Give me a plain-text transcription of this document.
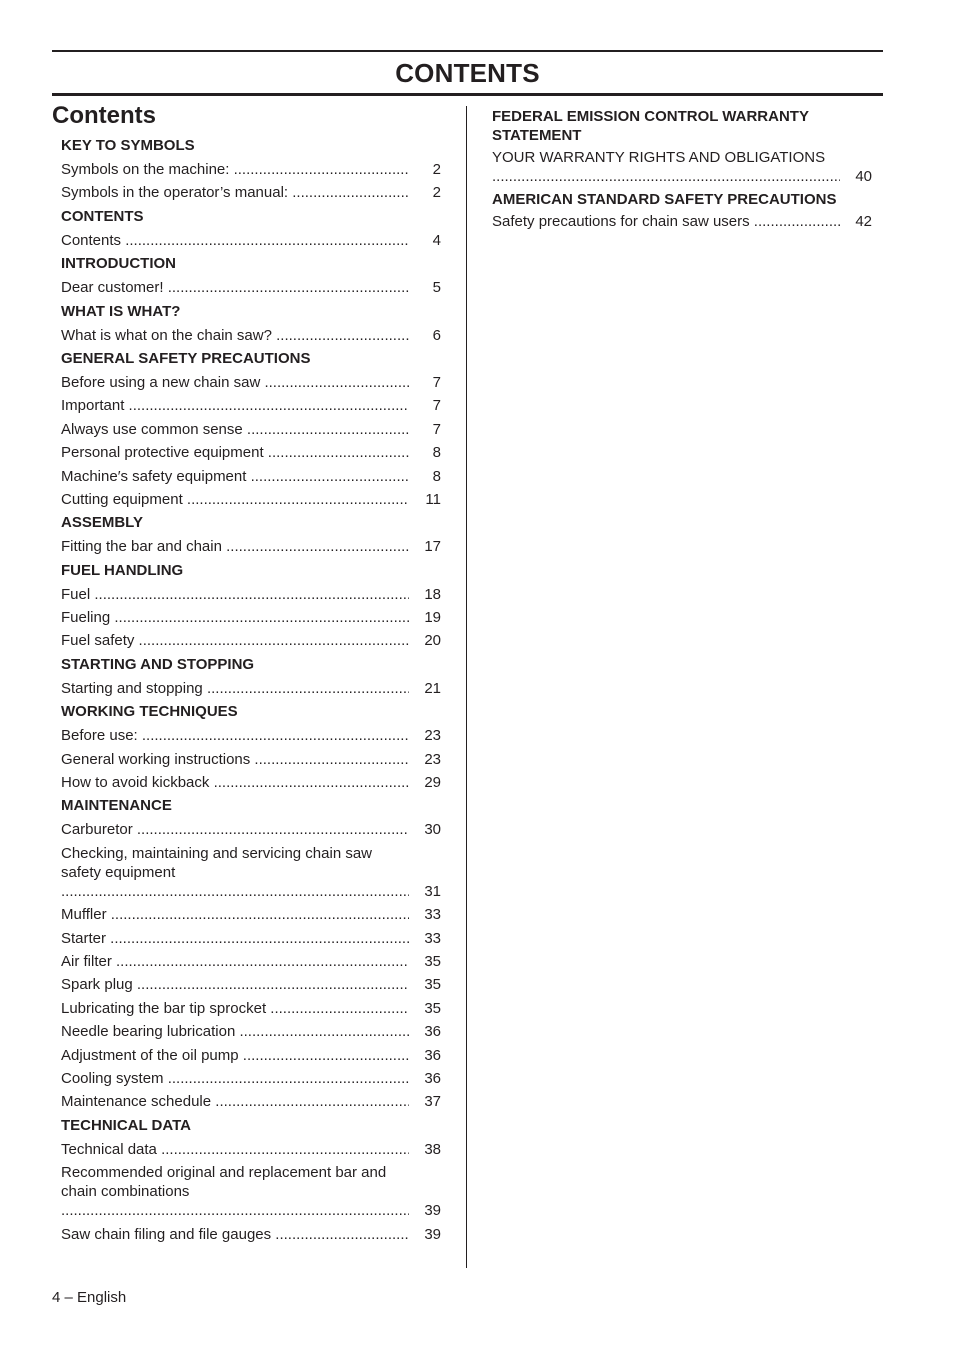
CONTENTS
Contents
KEY TO SYMBOLS
Symbols on the machine: .....	2
Symbols in the operator’s manual: .....	2
CONTENTS
Contents .....	4
INTRODUCTION
Dear customer! .....	5
WHAT IS WHAT?
What is what on the chain saw? .....	6
GENERAL SAFETY PRECAUTIONS
Before using a new chain saw .....	7
Important .....	7
Always use common sense .....	7
Personal protective equipment .....	8
Machine′s safety equipment .....	8
Cutting equipment .....	11
ASSEMBLY
Fitting the bar and chain .....	17
FUEL HANDLING
Fuel .....	18
Fueling .....	19
Fuel safety .....	20
STARTING AND STOPPING
Starting and stopping .....	21
WORKING TECHNIQUES
Before use: .....	23
General working instructions .....	23
How to avoid kickback .....	29
MAINTENANCE
Carburetor .....	30
Checking, maintaining and servicing chain saw safety equipment .....
31
Muffler .....	33
Starter .....	33
Air filter .....	35
Spark plug .....	35
Lubricating the bar tip sprocket .....	35
Needle bearing lubrication .....	36
Adjustment of the oil pump .....	36
Cooling system .....	36
Maintenance schedule .....	37
TECHNICAL DATA
Technical data .....	38
Recommended original and replacement bar and chain combinations .....
39
Saw chain filing and file gauges .....	39
FEDERAL EMISSION CONTROL WARRANTY STATEMENT
YOUR WARRANTY RIGHTS AND OBLIGATIONS .....
40
AMERICAN STANDARD SAFETY PRECAUTIONS
Safety precautions for chain saw users .....	42
4 – English
